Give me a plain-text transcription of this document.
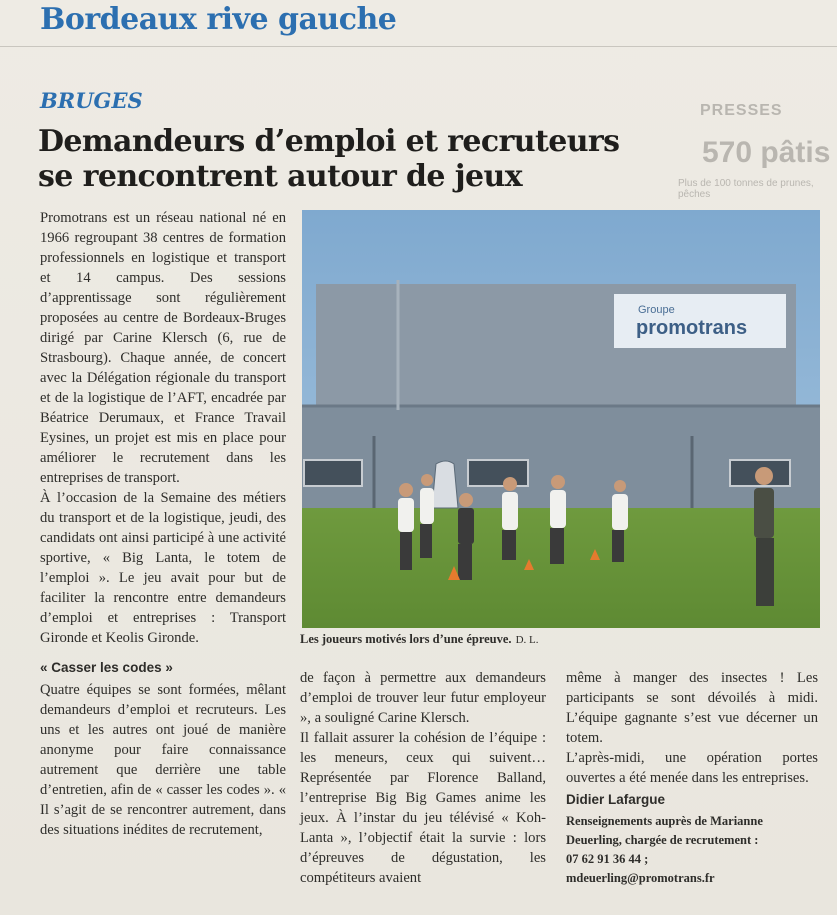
Bordeaux rive gauche
PRESSES
570 pâtis
Plus de 100 tonnes de prunes, pêches
BRUGES
Demandeurs d’emploi et recruteurs se rencontrent autour de jeux

Promotrans est un réseau national né en 1966 regroupant 38 centres de formation professionnels en logistique et transport et 14 campus. Des sessions d’apprentissage sont régulièrement proposées au centre de Bordeaux-Bruges dirigé par Carine Klersch (6, rue de Strasbourg). Chaque année, de concert avec la Délégation régionale du transport et de la logistique de l’AFT, encadrée par Béatrice Derumaux, et France Travail Eysines, un projet est mis en place pour améliorer le recrutement dans les entreprises de transport.

À l’occasion de la Semaine des métiers du transport et de la logistique, jeudi, des candidats ont ainsi participé à une activité sportive, « Big Lanta, le totem de l’emploi ». Le jeu avait pour but de faciliter la rencontre entre demandeurs d’emploi et entreprises : Transport Gironde et Keolis Gironde.

« Casser les codes »

Quatre équipes se sont formées, mêlant demandeurs d’emploi et recruteurs. Les uns et les autres ont joué de manière anonyme pour faire connaissance autrement que derrière une table d’entretien, afin de « casser les codes ». « Il s’agit de se rencontrer autrement, dans des situations inédites de recrutement,

Groupe
promotrans
Les joueurs motivés lors d’une épreuve. D. L.

de façon à permettre aux demandeurs d’emploi de trouver leur futur employeur », a souligné Carine Klersch.

Il fallait assurer la cohésion de l’équipe : les meneurs, ceux qui suivent… Représentée par Florence Balland, l’entreprise Big Big Games anime les jeux. À l’instar du jeu télévisé « Koh-Lanta », l’objectif était la survie : lors d’épreuves de dégustation, les compétiteurs avaient

même à manger des insectes ! Les participants se sont dévoilés à midi. L’équipe gagnante s’est vue décerner un totem.

L’après-midi, une opération portes ouvertes a été menée dans les entreprises.

Didier Lafargue
Renseignements auprès de Marianne Deuerling, chargée de recrutement :
07 62 91 36 44 ;
mdeuerling@promotrans.fr
